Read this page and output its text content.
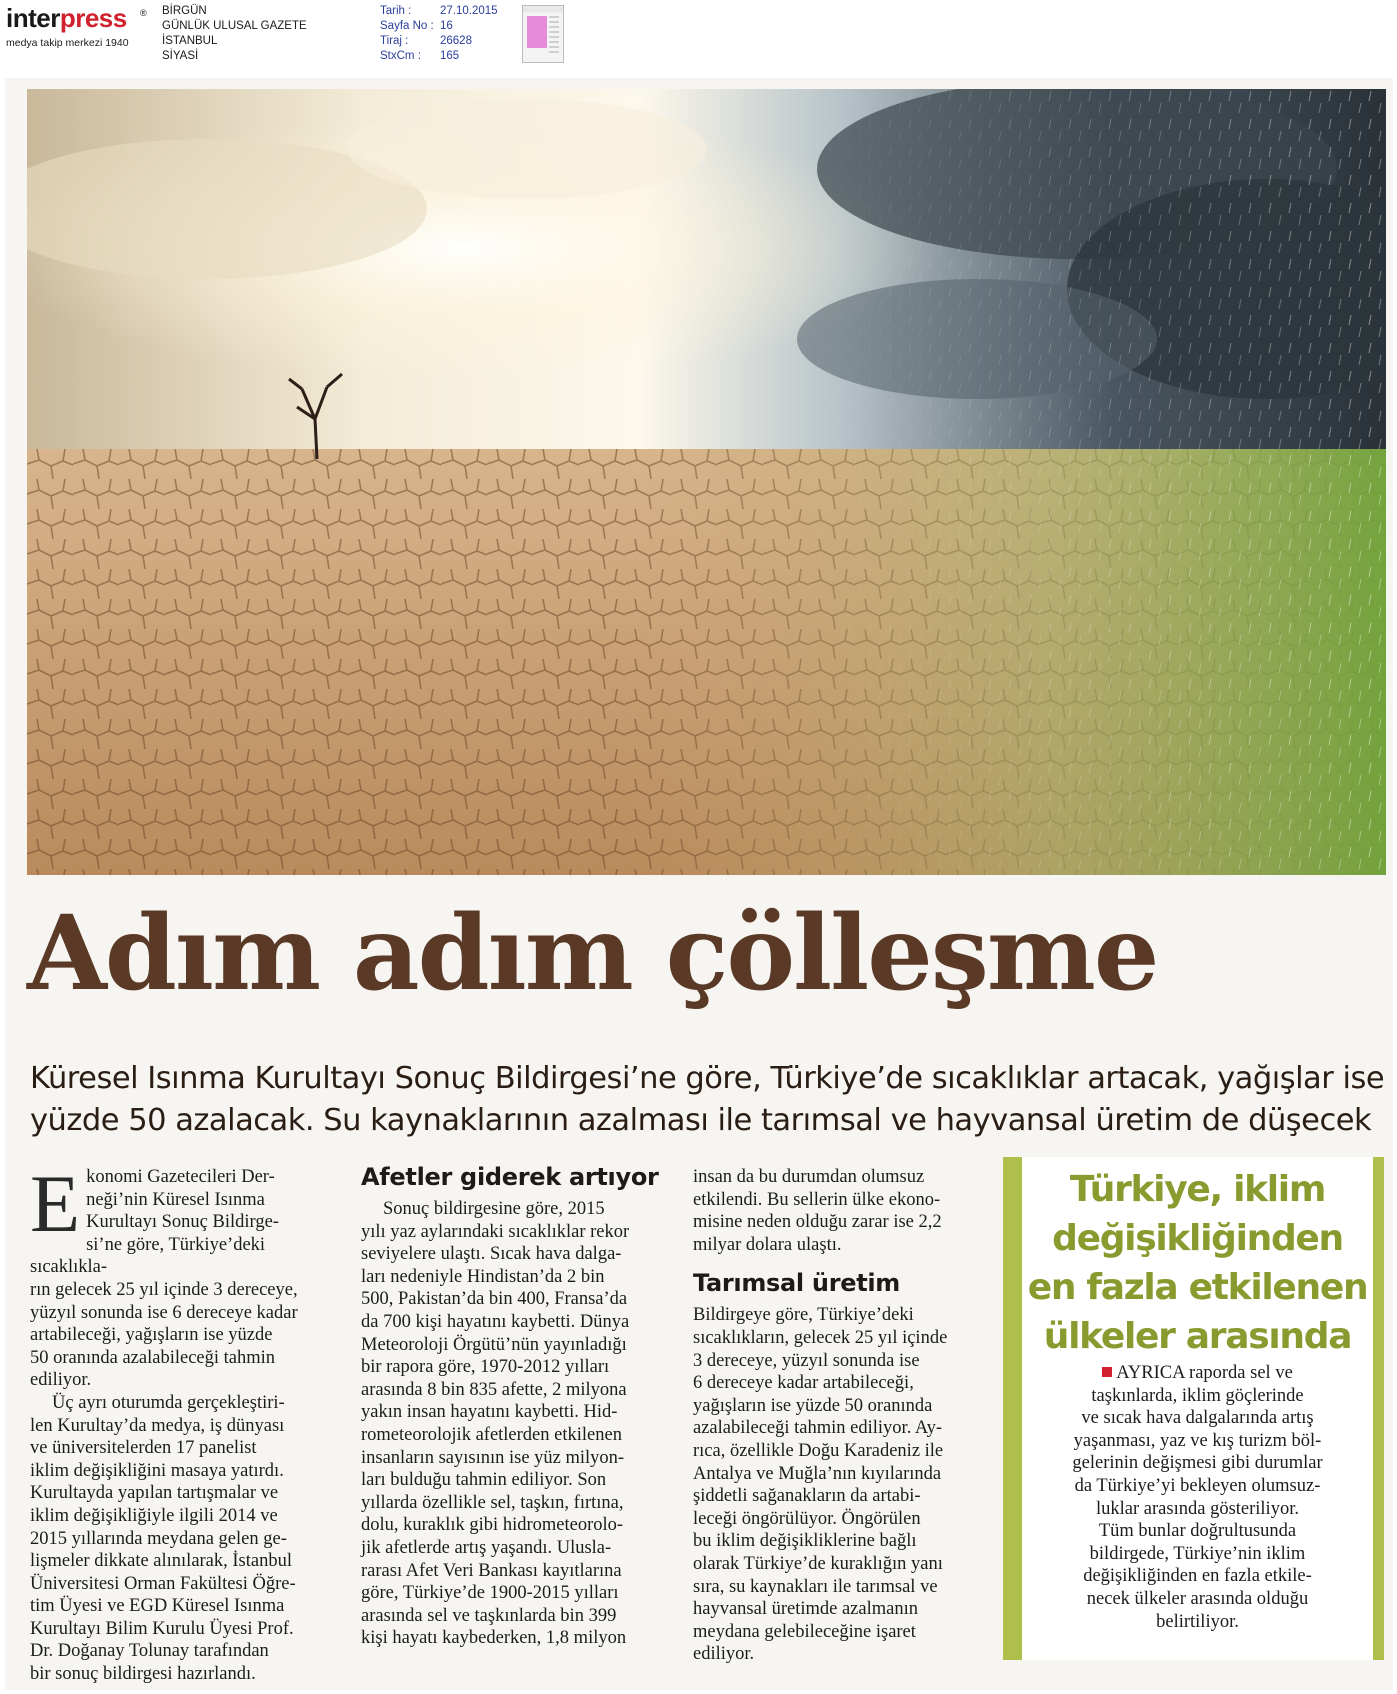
interpress ®
medya takip merkezi 1940
BİRGÜN
GÜNLÜK ULUSAL GAZETE
İSTANBUL
SİYASİ
Tarih : 27.10.2015
Sayfa No : 16
Tiraj :	26628
StxCm : 165
Adım adım çölleşme
Küresel Isınma Kurultayı Sonuç Bildirgesi’ne göre, Türkiye’de sıcaklıklar artacak, yağışlar ise
yüzde 50 azalacak. Su kaynaklarının azalması ile tarımsal ve hayvansal üretim de düşecek
E konomi Gazetecileri Der-

neği’nin Küresel Isınma

Kurultayı Sonuç Bildirge-

si’ne göre, Türkiye’deki sıcaklıkla-

rın gelecek 25 yıl içinde 3 dereceye,

yüzyıl sonunda ise 6 dereceye kadar

artabileceği, yağışların ise yüzde

50 oranında azalabileceği tahmin

ediliyor.

Üç ayrı oturumda gerçekleştiri-

len Kurultay’da medya, iş dünyası

ve üniversitelerden 17 panelist

iklim değişikliğini masaya yatırdı.

Kurultayda yapılan tartışmalar ve

iklim değişikliğiyle ilgili 2014 ve

2015 yıllarında meydana gelen ge-

lişmeler dikkate alınılarak, İstanbul

Üniversitesi Orman Fakültesi Öğre-

tim Üyesi ve EGD Küresel Isınma

Kurultayı Bilim Kurulu Üyesi Prof.

Dr. Doğanay Tolunay tarafından

bir sonuç bildirgesi hazırlandı.

Afetler giderek artıyor

Sonuç bildirgesine göre, 2015

yılı yaz aylarındaki sıcaklıklar rekor

seviyelere ulaştı. Sıcak hava dalga-

ları nedeniyle Hindistan’da 2 bin

500, Pakistan’da bin 400, Fransa’da

da 700 kişi hayatını kaybetti. Dünya

Meteoroloji Örgütü’nün yayınladığı

bir rapora göre, 1970-2012 yılları

arasında 8 bin 835 afette, 2 milyona

yakın insan hayatını kaybetti. Hid-

rometeorolojik afetlerden etkilenen

insanların sayısının ise yüz milyon-

ları bulduğu tahmin ediliyor. Son

yıllarda özellikle sel, taşkın, fırtına,

dolu, kuraklık gibi hidrometeorolo-

jik afetlerde artış yaşandı. Ulusla-

rarası Afet Veri Bankası kayıtlarına

göre, Türkiye’de 1900-2015 yılları

arasında sel ve taşkınlarda bin 399

kişi hayatı kaybederken, 1,8 milyon

insan da bu durumdan olumsuz

etkilendi. Bu sellerin ülke ekono-

misine neden olduğu zarar ise 2,2

milyar dolara ulaştı.

Tarımsal üretim

Bildirgeye göre, Türkiye’deki

sıcaklıkların, gelecek 25 yıl içinde

3 dereceye, yüzyıl sonunda ise

6 dereceye kadar artabileceği,

yağışların ise yüzde 50 oranında

azalabileceği tahmin ediliyor. Ay-

rıca, özellikle Doğu Karadeniz ile

Antalya ve Muğla’nın kıyılarında

şiddetli sağanakların da artabi-

leceği öngörülüyor. Öngörülen

bu iklim değişikliklerine bağlı

olarak Türkiye’de kuraklığın yanı

sıra, su kaynakları ile tarımsal ve

hayvansal üretimde azalmanın

meydana gelebileceğine işaret

ediliyor.

Türkiye, iklim
değişikliğinden
en fazla etkilenen
ülkeler arasında

AYRICA raporda sel ve

taşkınlarda, iklim göçlerinde

ve sıcak hava dalgalarında artış

yaşanması, yaz ve kış turizm böl-

gelerinin değişmesi gibi durumlar

da Türkiye’yi bekleyen olumsuz-

luklar arasında gösteriliyor.

Tüm bunlar doğrultusunda

bildirgede, Türkiye’nin iklim

değişikliğinden en fazla etkile-

necek ülkeler arasında olduğu

belirtiliyor.
